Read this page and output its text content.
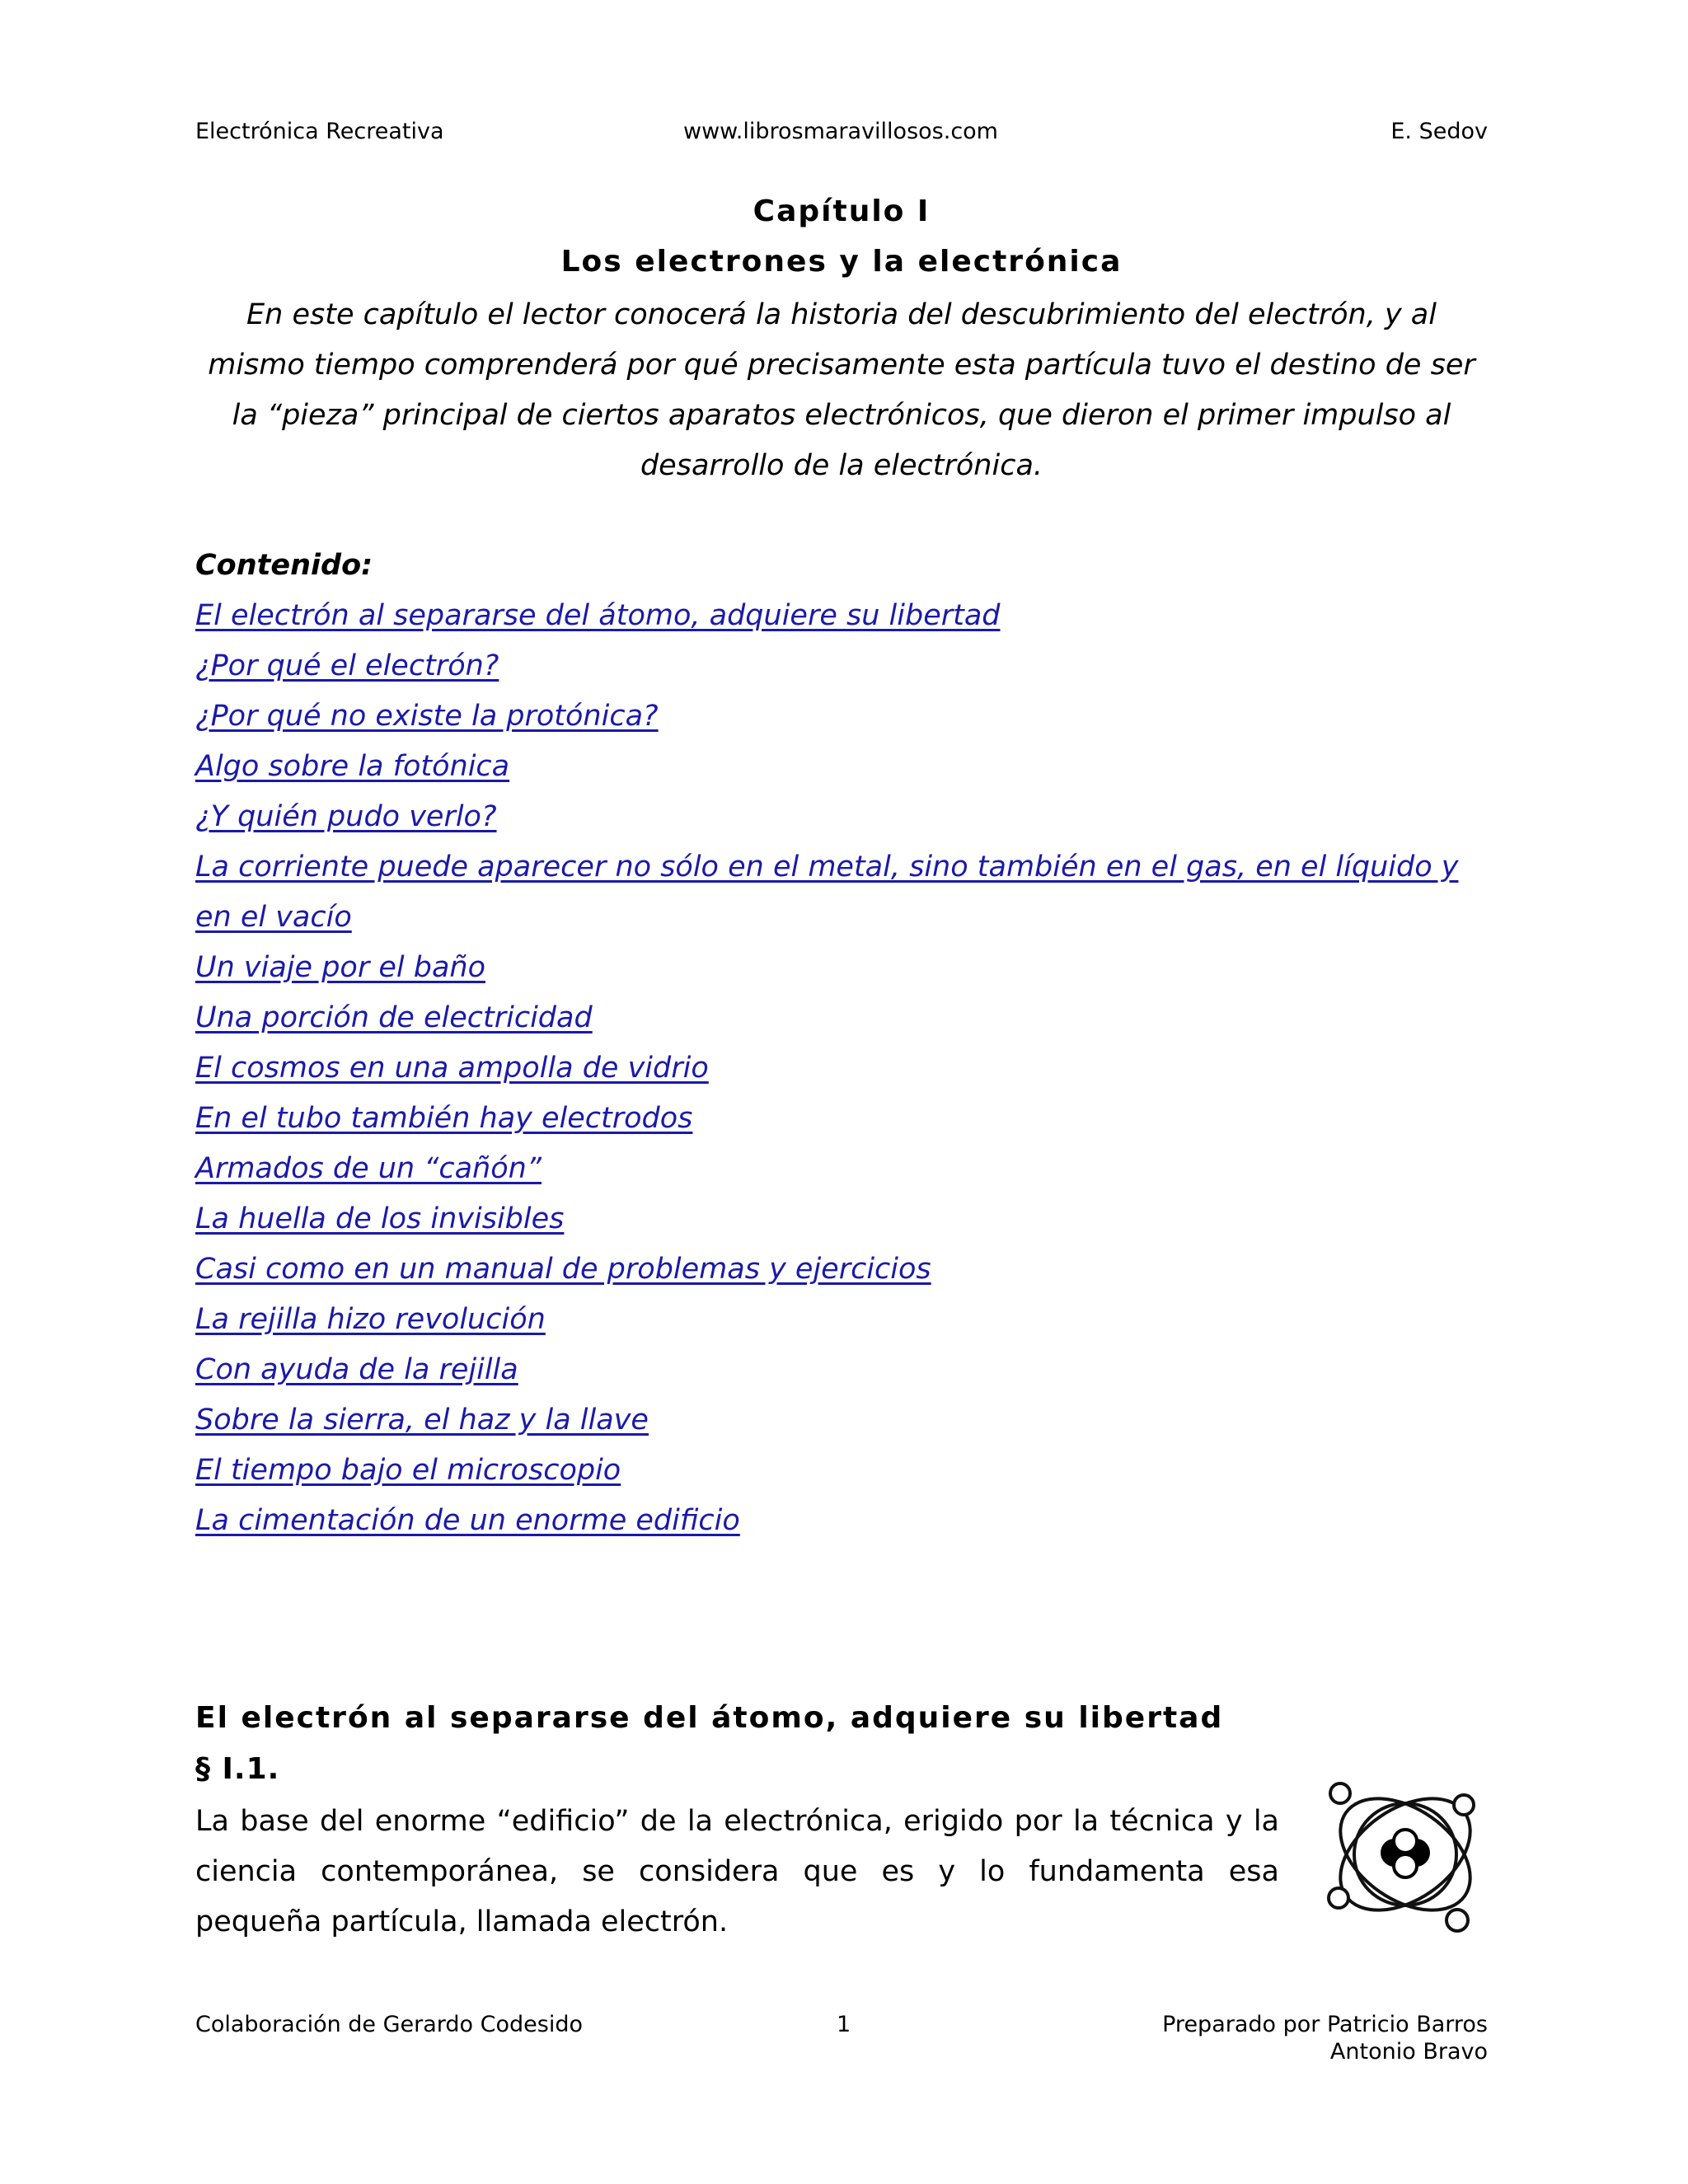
Electrónica Recreativa	www.librosmaravillosos.com	E. Sedov
Capítulo I
Los electrones y la electrónica

En este capítulo el lector conocerá la historia del descubrimiento del electrón, y al mismo tiempo comprenderá por qué precisamente esta partícula tuvo el destino de ser la “pieza” principal de ciertos aparatos electrónicos, que dieron el primer impulso al desarrollo de la electrónica.

Contenido:
El electrón al separarse del átomo, adquiere su libertad
¿Por qué el electrón?
¿Por qué no existe la protónica?
Algo sobre la fotónica
¿Y quién pudo verlo?
La corriente puede aparecer no sólo en el metal, sino también en el gas, en el líquido y en el vacío
Un viaje por el baño
Una porción de electricidad
El cosmos en una ampolla de vidrio
En el tubo también hay electrodos
Armados de un “cañón”
La huella de los invisibles
Casi como en un manual de problemas y ejercicios
La rejilla hizo revolución
Con ayuda de la rejilla
Sobre la sierra, el haz y la llave
El tiempo bajo el microscopio
La cimentación de un enorme edificio
El electrón al separarse del átomo, adquiere su libertad
§ I.1.

La base del enorme “edificio” de la electrónica, erigido por la técnica y la ciencia contemporánea, se considera que es y lo fundamenta esa pequeña partícula, llamada electrón.

Colaboración de Gerardo Codesido	1	Preparado por Patricio Barros
Antonio Bravo
